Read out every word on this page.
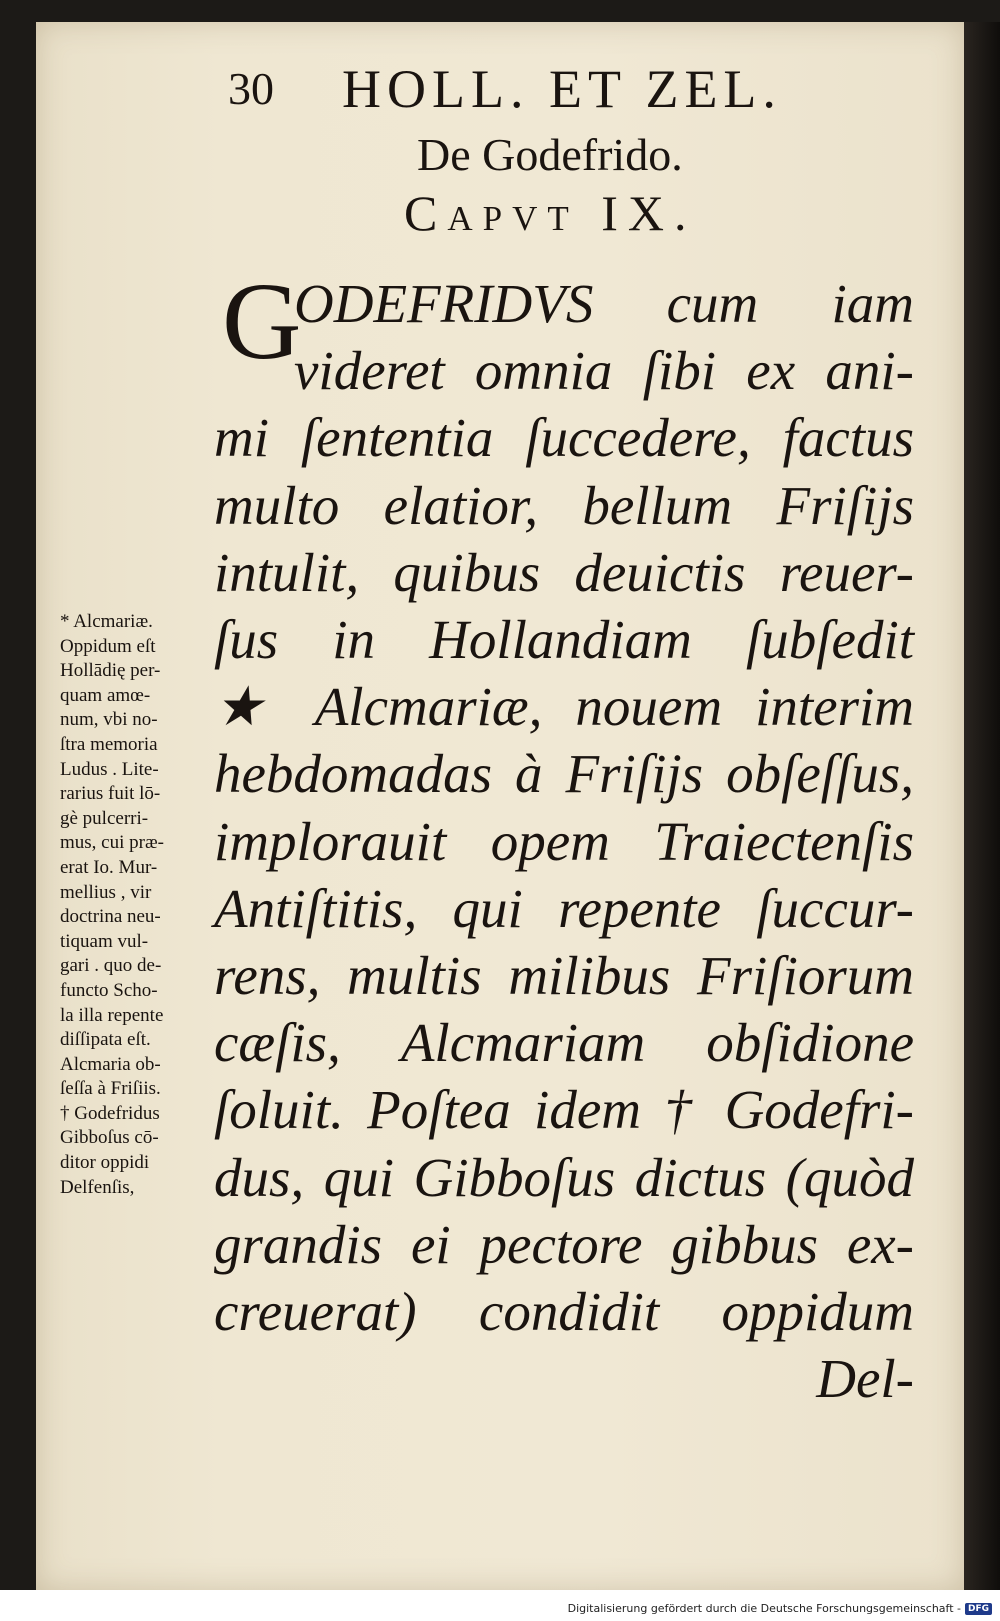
30 HOLL. ET ZEL.
De Godefrido.
Capvt IX.
G
ODEFRIDVS cum iam
videret omnia ſibi ex ani-
mi ſententia ſuccedere, factus
multo elatior, bellum Friſijs
intulit, quibus deuictis reuer-
ſus in Hollandiam ſubſedit
★ Alcmariæ, nouem interim
hebdomadas à Friſijs obſeſſus,
implorauit opem Traiectenſis
Antiſtitis, qui repente ſuccur-
rens, multis milibus Friſiorum
cæſis, Alcmariam obſidione
ſoluit. Poſtea idem † Godefri-
dus, qui Gibboſus dictus (quòd
grandis ei pectore gibbus ex-
creuerat) condidit oppidum
Del-
* Alcmariæ.
Oppidum eſt
Hollādię per-
quam amœ-
num, vbi no-
ſtra memoria
Ludus . Lite-
rarius fuit lō-
gè pulcerri-
mus, cui præ-
erat Io. Mur-
mellius , vir
doctrina neu-
tiquam vul-
gari . quo de-
functo Scho-
la illa repente
diſſipata eſt.
Alcmaria ob-
ſeſſa à Friſiis.
† Godefridus
Gibboſus cō-
ditor oppidi
Delfenſis,
Digitalisierung gefördert durch die Deutsche Forschungsgemeinschaft - DFG
